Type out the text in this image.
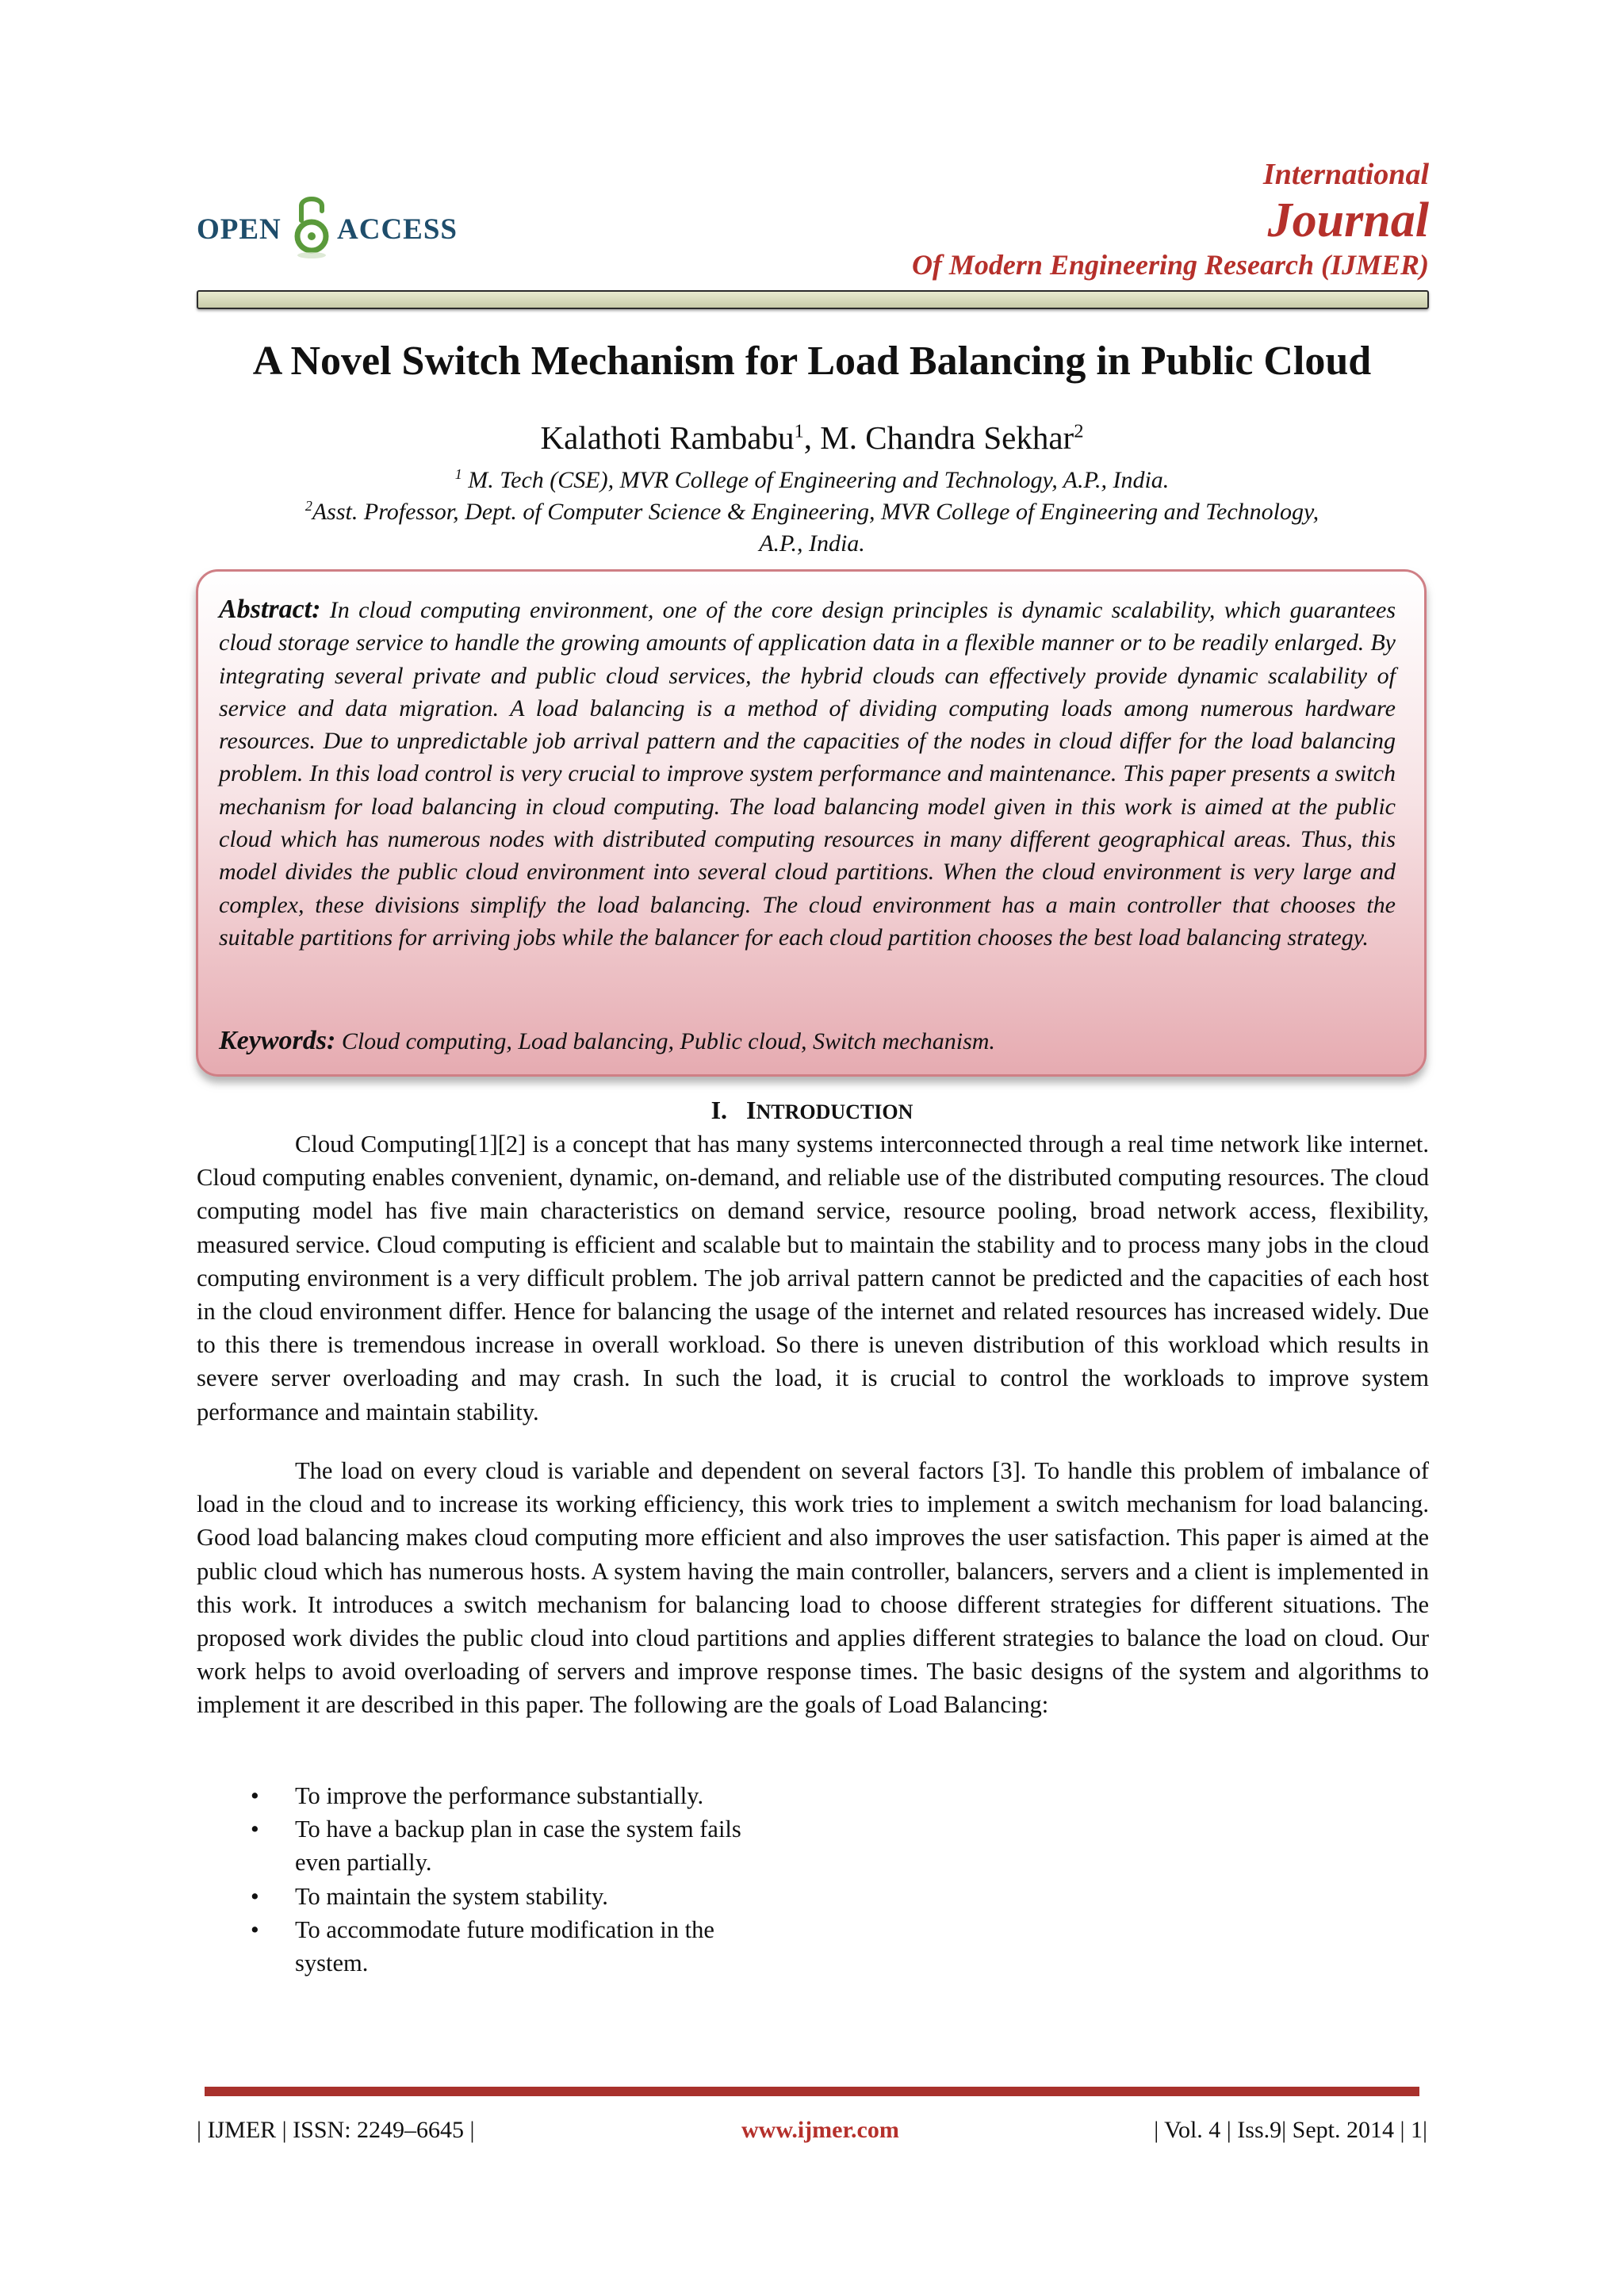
OPEN ACCESS
International
Journal
Of Modern Engineering Research (IJMER)
A Novel Switch Mechanism for Load Balancing in Public Cloud
Kalathoti Rambabu$^1$, M. Chandra Sekhar$^2$
$^1$ M. Tech (CSE), MVR College of Engineering and Technology, A.P., India.
$^2$Asst. Professor, Dept. of Computer Science & Engineering, MVR College of Engineering and Technology,
A.P., India.
Abstract: In cloud computing environment, one of the core design principles is dynamic scalability, which guarantees cloud storage service to handle the growing amounts of application data in a flexible manner or to be readily enlarged. By integrating several private and public cloud services, the hybrid clouds can effectively provide dynamic scalability of service and data migration. A load balancing is a method of dividing computing loads among numerous hardware resources. Due to unpredictable job arrival pattern and the capacities of the nodes in cloud differ for the load balancing problem. In this load control is very crucial to improve system performance and maintenance. This paper presents a switch mechanism for load balancing in cloud computing. The load balancing model given in this work is aimed at the public cloud which has numerous nodes with distributed computing resources in many different geographical areas. Thus, this model divides the public cloud environment into several cloud partitions. When the cloud environment is very large and complex, these divisions simplify the load balancing. The cloud environment has a main controller that chooses the suitable partitions for arriving jobs while the balancer for each cloud partition chooses the best load balancing strategy.
Keywords: Cloud computing, Load balancing, Public cloud, Switch mechanism.
I. INTRODUCTION
Cloud Computing[1][2] is a concept that has many systems interconnected through a real time network like internet. Cloud computing enables convenient, dynamic, on-demand, and reliable use of the distributed computing resources. The cloud computing model has five main characteristics on demand service, resource pooling, broad network access, flexibility, measured service. Cloud computing is efficient and scalable but to maintain the stability and to process many jobs in the cloud computing environment is a very difficult problem. The job arrival pattern cannot be predicted and the capacities of each host in the cloud environment differ. Hence for balancing the usage of the internet and related resources has increased widely. Due to this there is tremendous increase in overall workload. So there is uneven distribution of this workload which results in severe server overloading and may crash. In such the load, it is crucial to control the workloads to improve system performance and maintain stability.
The load on every cloud is variable and dependent on several factors [3]. To handle this problem of imbalance of load in the cloud and to increase its working efficiency, this work tries to implement a switch mechanism for load balancing. Good load balancing makes cloud computing more efficient and also improves the user satisfaction. This paper is aimed at the public cloud which has numerous hosts. A system having the main controller, balancers, servers and a client is implemented in this work. It introduces a switch mechanism for balancing load to choose different strategies for different situations. The proposed work divides the public cloud into cloud partitions and applies different strategies to balance the load on cloud. Our work helps to avoid overloading of servers and improve response times. The basic designs of the system and algorithms to implement it are described in this paper. The following are the goals of Load Balancing:
• To improve the performance substantially.
• To have a backup plan in case the system fails even partially.
• To maintain the system stability.
• To accommodate future modification in the system.
| IJMER | ISSN: 2249–6645 |	www.ijmer.com	| Vol. 4 | Iss.9| Sept. 2014 | 1|
